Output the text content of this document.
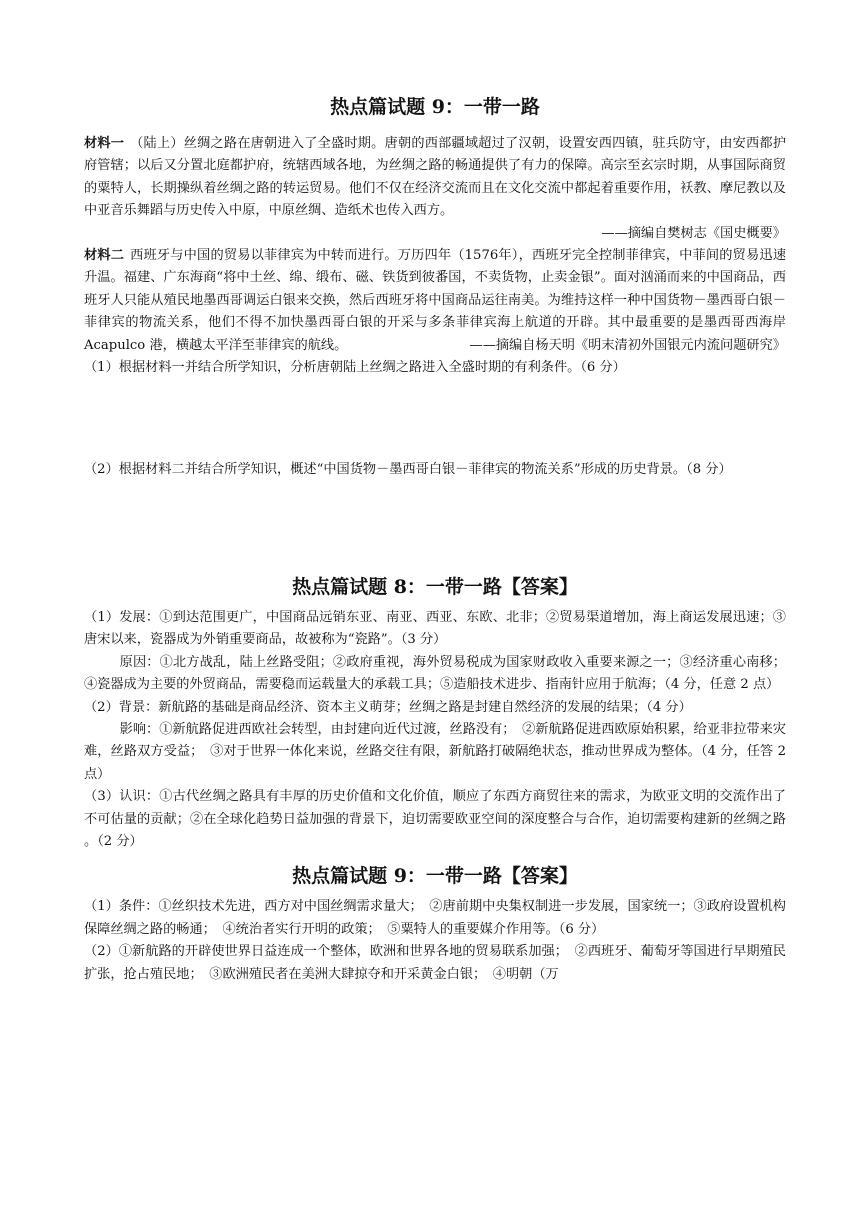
热点篇试题 9：一带一路

材料一 （陆上）丝绸之路在唐朝进入了全盛时期。唐朝的西部疆域超过了汉朝，设置安西四镇，驻兵防守，由安西都护府管辖；以后又分置北庭都护府，统辖西域各地，为丝绸之路的畅通提供了有力的保障。高宗至玄宗时期，从事国际商贸的粟特人，长期操纵着丝绸之路的转运贸易。他们不仅在经济交流而且在文化交流中都起着重要作用，袄教、摩尼教以及中亚音乐舞蹈与历史传入中原，中原丝绸、造纸术也传入西方。

——摘编自樊树志《国史概要》

材料二 西班牙与中国的贸易以菲律宾为中转而进行。万历四年（1576年），西班牙完全控制菲律宾，中菲间的贸易迅速升温。福建、广东海商“将中土丝、绵、缎布、磁、铁货到彼番国，不卖货物，止卖金银”。面对汹涌而来的中国商品，西班牙人只能从殖民地墨西哥调运白银来交换，然后西班牙将中国商品运往南美。为维持这样一种中国货物－墨西哥白银－菲律宾的物流关系，他们不得不加快墨西哥白银的开采与多条菲律宾海上航道的开辟。其中最重要的是墨西哥西海岸 Acapulco 港，横越太平洋至菲律宾的航线。	——摘编自杨天明《明末清初外国银元内流问题研究》

（1）根据材料一并结合所学知识，分析唐朝陆上丝绸之路进入全盛时期的有利条件。（6 分）

（2）根据材料二并结合所学知识，概述“中国货物－墨西哥白银－菲律宾的物流关系”形成的历史背景。（8 分）

热点篇试题 8：一带一路【答案】

（1）发展：①到达范围更广，中国商品远销东亚、南亚、西亚、东欧、北非；②贸易渠道增加，海上商运发展迅速；③唐宋以来，瓷器成为外销重要商品，故被称为“瓷路”。（3 分）

原因：①北方战乱，陆上丝路受阻；②政府重视，海外贸易税成为国家财政收入重要来源之一；③经济重心南移；④瓷器成为主要的外贸商品，需要稳而运载量大的承载工具；⑤造船技术进步、指南针应用于航海；（4 分，任意 2 点）

（2）背景：新航路的基础是商品经济、资本主义萌芽；丝绸之路是封建自然经济的发展的结果；（4 分）

影响：①新航路促进西欧社会转型，由封建向近代过渡，丝路没有；　②新航路促进西欧原始积累，给亚非拉带来灾难，丝路双方受益；　③对于世界一体化来说，丝路交往有限，新航路打破隔绝状态，推动世界成为整体。（4 分，任答 2 点）

（3）认识：①古代丝绸之路具有丰厚的历史价值和文化价值，顺应了东西方商贸往来的需求，为欧亚文明的交流作出了不可估量的贡献；②在全球化趋势日益加强的背景下，迫切需要欧亚空间的深度整合与合作，迫切需要构建新的丝绸之路 。（2 分）

热点篇试题 9：一带一路【答案】

（1）条件：①丝织技术先进，西方对中国丝绸需求量大；　②唐前期中央集权制进一步发展，国家统一；③政府设置机构保障丝绸之路的畅通；　④统治者实行开明的政策；　⑤粟特人的重要媒介作用等。（6 分）

（2）①新航路的开辟使世界日益连成一个整体，欧洲和世界各地的贸易联系加强；　②西班牙、葡萄牙等国进行早期殖民扩张，抢占殖民地；　③欧洲殖民者在美洲大肆掠夺和开采黄金白银；　④明朝（万
